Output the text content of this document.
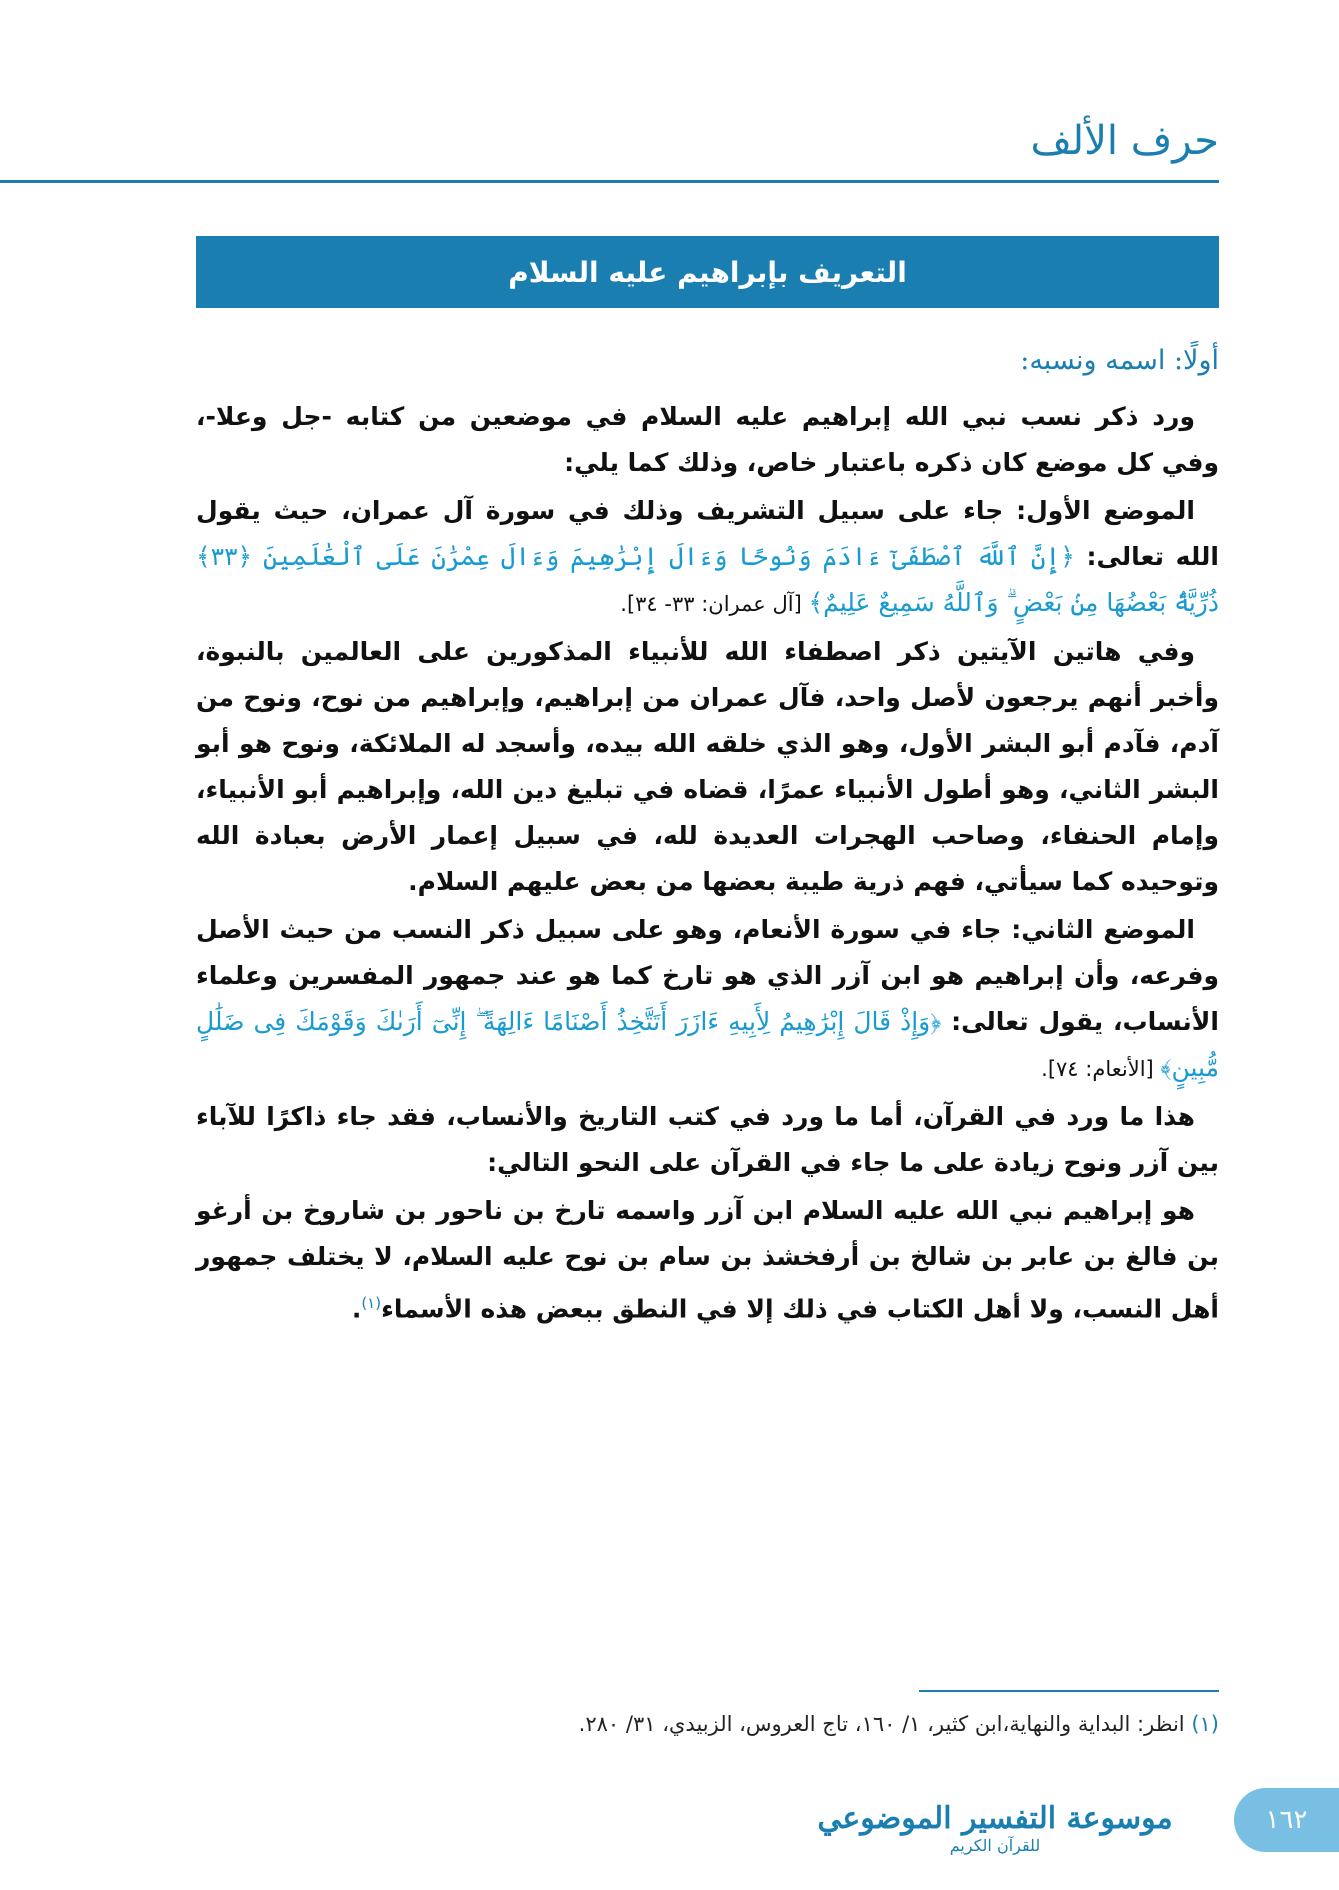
حرف الألف
التعريف بإبراهيم عليه السلام
أولًا: اسمه ونسبه:

ورد ذكر نسب نبي الله إبراهيم عليه السلام في موضعين من كتابه -جل وعلا-، وفي كل موضع كان ذكره باعتبار خاص، وذلك كما يلي:

الموضع الأول: جاء على سبيل التشريف وذلك في سورة آل عمران، حيث يقول الله تعالى: ﴿إِنَّ ٱللَّهَ ٱصْطَفَىٰٓ ءَادَمَ وَنُوحًا وَءَالَ إِبْرَٰهِيمَ وَءَالَ عِمْرَٰنَ عَلَى ٱلْعَٰلَمِينَ ﴿٣٣﴾ ذُرِّيَّةًۢ بَعْضُهَا مِنۢ بَعْضٍ ۗ وَٱللَّهُ سَمِيعٌ عَلِيمٌ﴾ [آل عمران: ٣٣- ٣٤].

وفي هاتين الآيتين ذكر اصطفاء الله للأنبياء المذكورين على العالمين بالنبوة، وأخبر أنهم يرجعون لأصل واحد، فآل عمران من إبراهيم، وإبراهيم من نوح، ونوح من آدم، فآدم أبو البشر الأول، وهو الذي خلقه الله بيده، وأسجد له الملائكة، ونوح هو أبو البشر الثاني، وهو أطول الأنبياء عمرًا، قضاه في تبليغ دين الله، وإبراهيم أبو الأنبياء، وإمام الحنفاء، وصاحب الهجرات العديدة لله، في سبيل إعمار الأرض بعبادة الله وتوحيده كما سيأتي، فهم ذرية طيبة بعضها من بعض عليهم السلام.

الموضع الثاني: جاء في سورة الأنعام، وهو على سبيل ذكر النسب من حيث الأصل وفرعه، وأن إبراهيم هو ابن آزر الذي هو تارخ كما هو عند جمهور المفسرين وعلماء الأنساب، يقول تعالى: ﴿وَإِذْ قَالَ إِبْرَٰهِيمُ لِأَبِيهِ ءَازَرَ أَتَتَّخِذُ أَصْنَامًا ءَالِهَةً ۖ إِنِّىٓ أَرَىٰكَ وَقَوْمَكَ فِى ضَلَٰلٍ مُّبِينٍ﴾ [الأنعام: ٧٤].

هذا ما ورد في القرآن، أما ما ورد في كتب التاريخ والأنساب، فقد جاء ذاكرًا للآباء بين آزر ونوح زيادة على ما جاء في القرآن على النحو التالي:

هو إبراهيم نبي الله عليه السلام ابن آزر واسمه تارخ بن ناحور بن شاروخ بن أرغو بن فالغ بن عابر بن شالخ بن أرفخشذ بن سام بن نوح عليه السلام، لا يختلف جمهور أهل النسب، ولا أهل الكتاب في ذلك إلا في النطق ببعض هذه الأسماء$^{(١)}$.

(١) انظر: البداية والنهاية،ابن كثير، ١/ ١٦٠، تاج العروس، الزبيدي، ٣١/ ٢٨٠.
موسوعة التفسير الموضوعي
للقرآن الكريم
١٦٢
